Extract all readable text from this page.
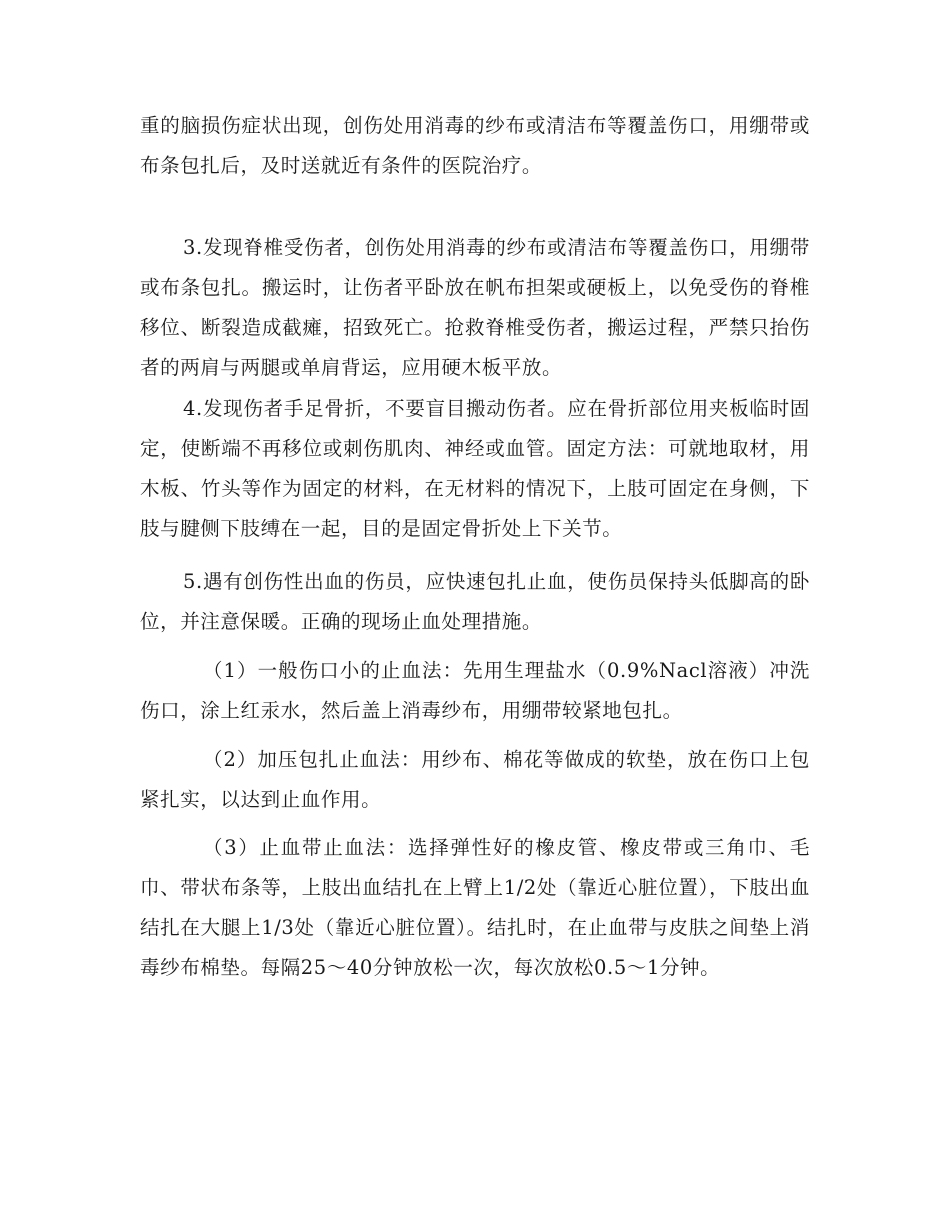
重的脑损伤症状出现，创伤处用消毒的纱布或清洁布等覆盖伤口，用绷带或布条包扎后，及时送就近有条件的医院治疗。

3.发现脊椎受伤者，创伤处用消毒的纱布或清洁布等覆盖伤口，用绷带或布条包扎。搬运时，让伤者平卧放在帆布担架或硬板上，以免受伤的脊椎移位、断裂造成截瘫，招致死亡。抢救脊椎受伤者，搬运过程，严禁只抬伤者的两肩与两腿或单肩背运，应用硬木板平放。

4.发现伤者手足骨折，不要盲目搬动伤者。应在骨折部位用夹板临时固定，使断端不再移位或刺伤肌肉、神经或血管。固定方法：可就地取材，用木板、竹头等作为固定的材料，在无材料的情况下，上肢可固定在身侧，下肢与腱侧下肢缚在一起，目的是固定骨折处上下关节。

5.遇有创伤性出血的伤员，应快速包扎止血，使伤员保持头低脚高的卧位，并注意保暖。正确的现场止血处理措施。

（1）一般伤口小的止血法：先用生理盐水（0.9%Nacl溶液）冲洗伤口，涂上红汞水，然后盖上消毒纱布，用绷带较紧地包扎。

（2）加压包扎止血法：用纱布、棉花等做成的软垫，放在伤口上包紧扎实，以达到止血作用。

（3）止血带止血法：选择弹性好的橡皮管、橡皮带或三角巾、毛巾、带状布条等，上肢出血结扎在上臂上1/2处（靠近心脏位置），下肢出血结扎在大腿上1/3处（靠近心脏位置）。结扎时，在止血带与皮肤之间垫上消毒纱布棉垫。每隔25～40分钟放松一次，每次放松0.5～1分钟。
